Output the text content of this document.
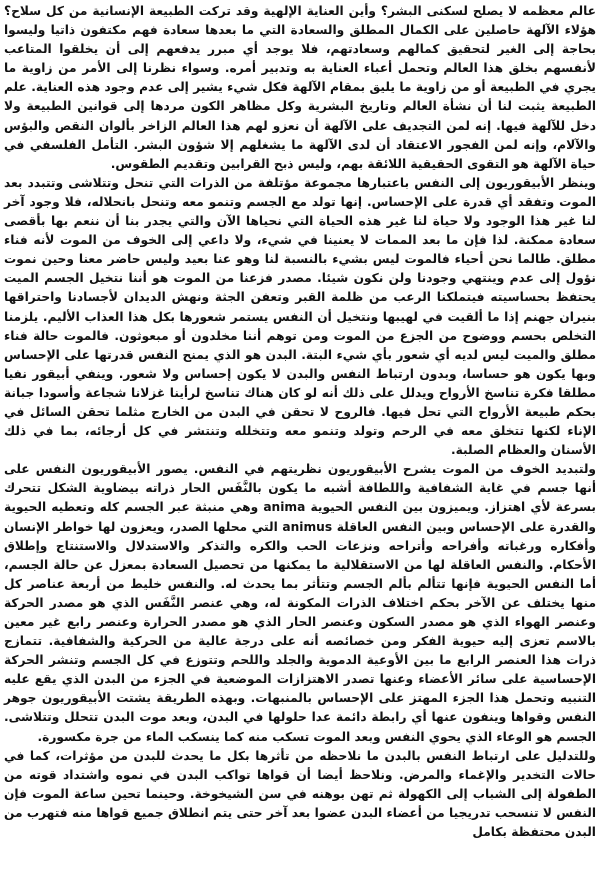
عالم معظمه لا يصلح لسكنى البشر؟ وأين العناية الإلهية وقد تركت الطبيعة الإنسانية من كل سلاح؟ هؤلاء الآلهة حاصلين على الكمال المطلق والسعادة التي ما بعدها سعادة فهم مكتفون ذاتيا وليسوا بحاجة إلى الغير لتحقيق كمالهم وسعادتهم، فلا يوجد أي مبرر يدفعهم إلى أن يخلقوا المتاعب لأنفسهم بخلق هذا العالم وتحمل أعباء العناية به وتدبير أمره. وسواء نظرنا إلى الأمر من زاوية ما يجري في الطبيعة أو من زاوية ما يليق بمقام الآلهة فكل شيء يشير إلى عدم وجود هذه العناية. علم الطبيعة يثبت لنا أن نشأة العالم وتاريخ البشرية وكل مظاهر الكون مردها إلى قوانين الطبيعة ولا دخل للآلهة فيها. إنه لمن التجديف على الآلهة أن نعزو لهم هذا العالم الزاخر بألوان النقص والبؤس والآلام، وإنه لمن الفجور الاعتقاد أن لدى الآلهة ما يشغلهم إلا شؤون البشر. التأمل الفلسفي في حياة الآلهة هو التقوى الحقيقية اللائقة بهم، وليس ذبح القرابين وتقديم الطقوس.

وينظر الأبيقوريون إلى النفس باعتبارها مجموعة مؤتلفة من الذرات التي تنحل وتتلاشى وتتبدد بعد الموت وتفقد أي قدرة على الإحساس. إنها تولد مع الجسم وتنمو معه وتنحل بانحلاله، فلا وجود آخر لنا غير هذا الوجود ولا حياة لنا غير هذه الحياة التي نحياها الآن والتي يجدر بنا أن ننعم بها بأقصى سعادة ممكنة. لذا فإن ما بعد الممات لا يعنينا في شيء، ولا داعي إلى الخوف من الموت لأنه فناء مطلق. طالما نحن أحياء فالموت ليس بشيء بالنسبة لنا وهو عنا بعيد وليس حاضر معنا وحين نموت نؤول إلى عدم وينتهي وجودنا ولن نكون شيئا. مصدر فزعنا من الموت هو أننا نتخيل الجسم الميت يحتفظ بحساسيته فيتملكنا الرعب من ظلمة القبر وتعفن الجثة ونهش الديدان لأجسادنا واحتراقها بنيران جهنم إذا ما ألقيت في لهيبها ونتخيل أن النفس يستمر شعورها بكل هذا العذاب الأليم. يلزمنا التخلص بحسم ووضوح من الجزع من الموت ومن توهم أننا مخلدون أو مبعوثون. فالموت حالة فناء مطلق والميت ليس لديه أي شعور بأي شيء البتة. البدن هو الذي يمنح النفس قدرتها على الإحساس وبها يكون هو حساسا، وبدون ارتباط النفس والبدن لا يكون إحساس ولا شعور. وينفي أبيقور نفيا مطلقا فكرة تناسخ الأرواح ويدلل على ذلك أنه لو كان هناك تناسخ لرأينا غزلانا شجاعة وأسودا جبانة بحكم طبيعة الأرواح التي تحل فيها. فالروح لا تحقن في البدن من الخارج مثلما تحقن السائل في الإناء لكنها تتخلق معه في الرحم وتولد وتنمو معه وتتخلله وتنتشر في كل أرجائه، بما في ذلك الأسنان والعظام الصلبة.

ولتبديد الخوف من الموت يشرح الأبيقوريون نظريتهم في النفس. يصور الأبيقوريون النفس على أنها جسم في غاية الشفافية واللطافة أشبه ما يكون بالنَّفَس الحار ذراته بيضاوية الشكل تتحرك بسرعة لأي اهتزاز. ويميزون بين النفس الحيوية anima وهي منبثة عبر الجسم كله وتعطيه الحيوية والقدرة على الإحساس وبين النفس العاقلة animus التي محلها الصدر، ويعزون لها خواطر الإنسان وأفكاره ورغباته وأفراحه وأتراحه ونزعات الحب والكره والتذكر والاستدلال والاستنتاج وإطلاق الأحكام. والنفس العاقلة لها من الاستقلالية ما يمكنها من تحصيل السعادة بمعزل عن حالة الجسم، أما النفس الحيوية فإنها تتألم بألم الجسم وتتأثر بما يحدث له. والنفس خليط من أربعة عناصر كل منها يختلف عن الآخر بحكم اختلاف الذرات المكونة له، وهي عنصر النَّفَس الذي هو مصدر الحركة وعنصر الهواء الذي هو مصدر السكون وعنصر الحار الذي هو مصدر الحرارة وعنصر رابع غير معين بالاسم تعزى إليه حيوية الفكر ومن خصائصه أنه على درجة عالية من الحركية والشفافية. تتمازج ذرات هذا العنصر الرابع ما بين الأوعية الدموية والجلد واللحم وتتوزع في كل الجسم وتنشر الحركة الإحساسية على سائر الأعضاء وعنها تصدر الاهتزازات الموضعية في الجزء من البدن الذي يقع عليه التنبيه وتحمل هذا الجزء المهتز على الإحساس بالمنبهات. وبهذه الطريقة يشتت الأبيقوريون جوهر النفس وقواها وينفون عنها أي رابطة دائمة عدا حلولها في البدن، وبعد موت البدن تتحلل وتتلاشى. الجسم هو الوعاء الذي يحوي النفس وبعد الموت تسكب منه كما ينسكب الماء من جرة مكسورة.

وللتدليل على ارتباط النفس بالبدن ما نلاحظه من تأثرها بكل ما يحدث للبدن من مؤثرات، كما في حالات التخدير والإغماء والمرض. ونلاحظ أيضا أن قواها تواكب البدن في نموه واشتداد قوته من الطفولة إلى الشباب إلى الكهولة ثم تهن بوهنه في سن الشيخوخة. وحينما تحين ساعة الموت فإن النفس لا تنسحب تدريجيا من أعضاء البدن عضوا بعد آخر حتى يتم انطلاق جميع قواها منه فتهرب من البدن محتفظة بكامل
